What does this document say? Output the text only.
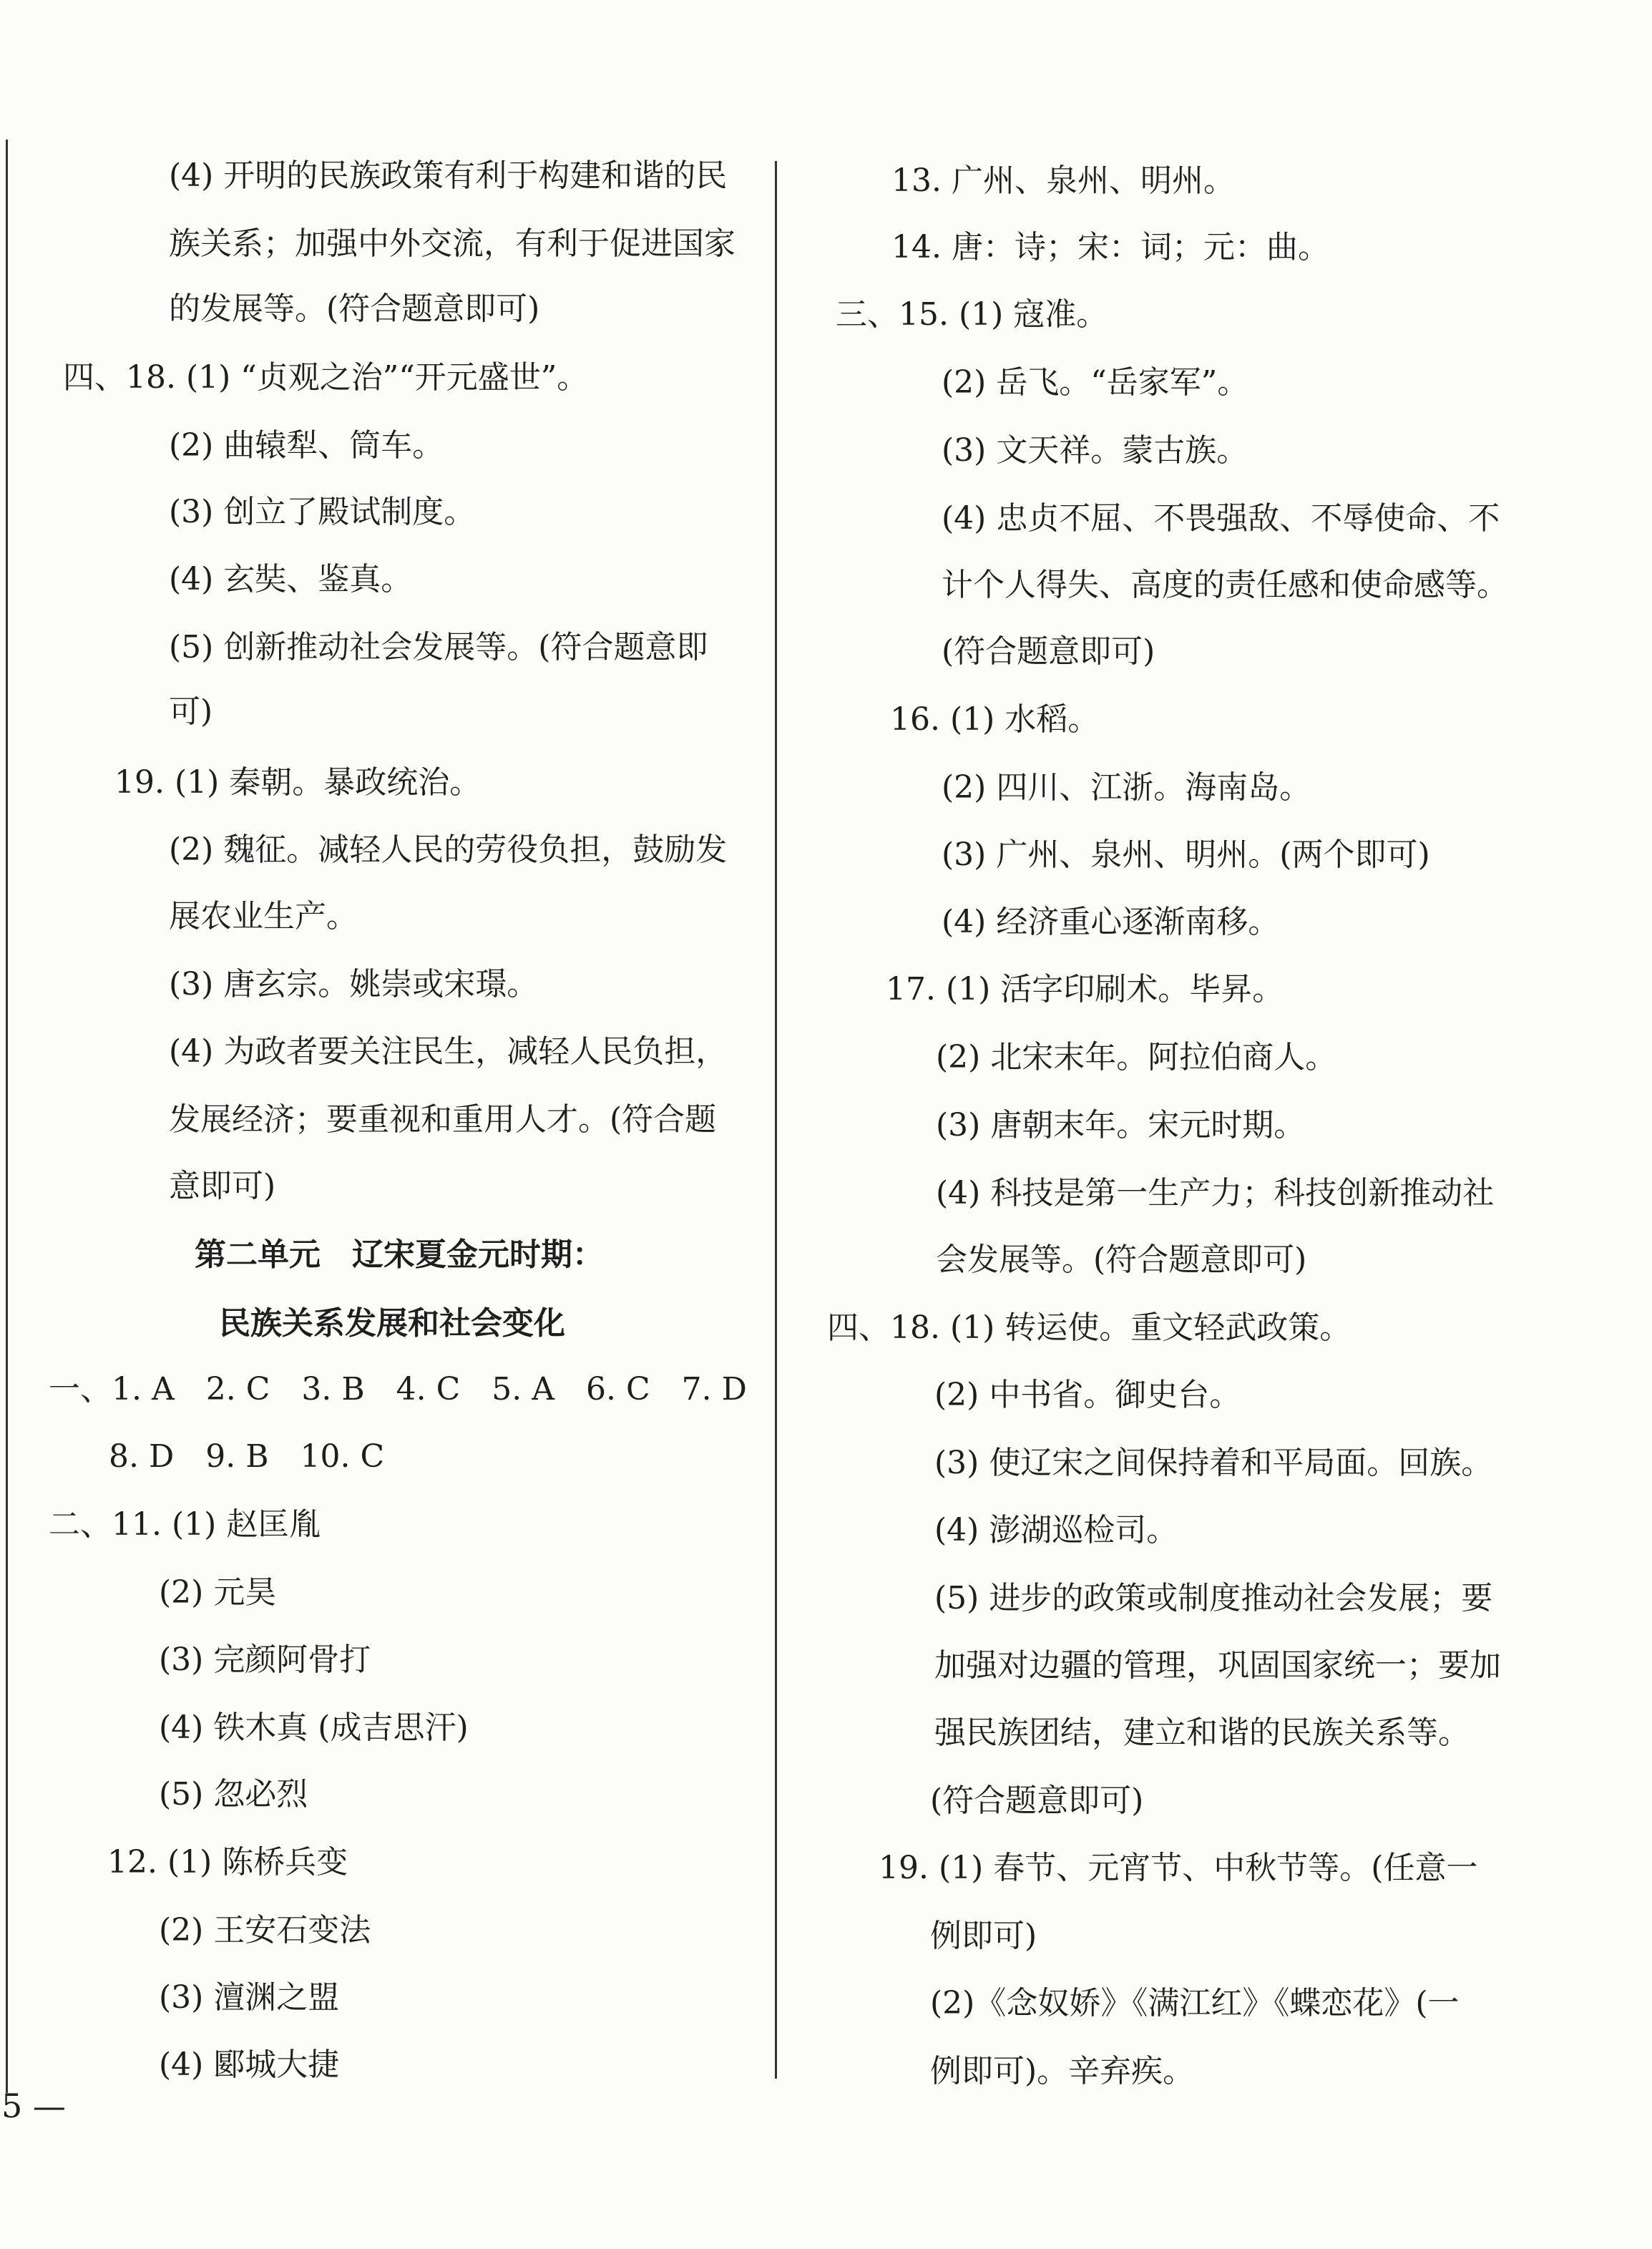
(4) 开明的民族政策有利于构建和谐的民
族关系；加强中外交流，有利于促进国家
的发展等。(符合题意即可)
四、18. (1) “贞观之治”“开元盛世”。
(2) 曲辕犁、筒车。
(3) 创立了殿试制度。
(4) 玄奘、鉴真。
(5) 创新推动社会发展等。(符合题意即
可)
19. (1) 秦朝。暴政统治。
(2) 魏征。减轻人民的劳役负担，鼓励发
展农业生产。
(3) 唐玄宗。姚崇或宋璟。
(4) 为政者要关注民生，减轻人民负担，
发展经济；要重视和重用人才。(符合题
意即可)
第二单元　辽宋夏金元时期：
民族关系发展和社会变化
一、1. A　2. C　3. B　4. C　5. A　6. C　7. D
8. D　9. B　10. C
二、11. (1) 赵匡胤
(2) 元昊
(3) 完颜阿骨打
(4) 铁木真 (成吉思汗)
(5) 忽必烈
12. (1) 陈桥兵变
(2) 王安石变法
(3) 澶渊之盟
(4) 郾城大捷
13. 广州、泉州、明州。
14. 唐：诗；宋：词；元：曲。
三、15. (1) 寇准。
(2) 岳飞。“岳家军”。
(3) 文天祥。蒙古族。
(4) 忠贞不屈、不畏强敌、不辱使命、不
计个人得失、高度的责任感和使命感等。
(符合题意即可)
16. (1) 水稻。
(2) 四川、江浙。海南岛。
(3) 广州、泉州、明州。(两个即可)
(4) 经济重心逐渐南移。
17. (1) 活字印刷术。毕昇。
(2) 北宋末年。阿拉伯商人。
(3) 唐朝末年。宋元时期。
(4) 科技是第一生产力；科技创新推动社
会发展等。(符合题意即可)
四、18. (1) 转运使。重文轻武政策。
(2) 中书省。御史台。
(3) 使辽宋之间保持着和平局面。回族。
(4) 澎湖巡检司。
(5) 进步的政策或制度推动社会发展；要
加强对边疆的管理，巩固国家统一；要加
强民族团结，建立和谐的民族关系等。
(符合题意即可)
19. (1) 春节、元宵节、中秋节等。(任意一
例即可)
(2)《念奴娇》《满江红》《蝶恋花》(一
例即可)。辛弃疾。
5 —
